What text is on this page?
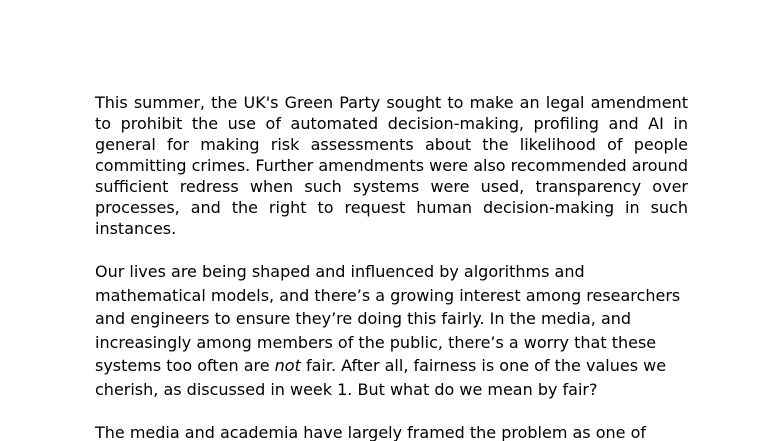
This summer, the UK's Green Party sought to make an legal amendment to prohibit the use of automated decision-making, profiling and AI in general for making risk assessments about the likelihood of people committing crimes. Further amendments were also recommended around sufficient redress when such systems were used, transparency over processes, and the right to request human decision-making in such instances.

Our lives are being shaped and influenced by algorithms and mathematical models, and there’s a growing interest among researchers and engineers to ensure they’re doing this fairly. In the media, and increasingly among members of the public, there’s a worry that these systems too often are not fair. After all, fairness is one of the values we cherish, as discussed in week 1. But what do we mean by fair?

The media and academia have largely framed the problem as one of
